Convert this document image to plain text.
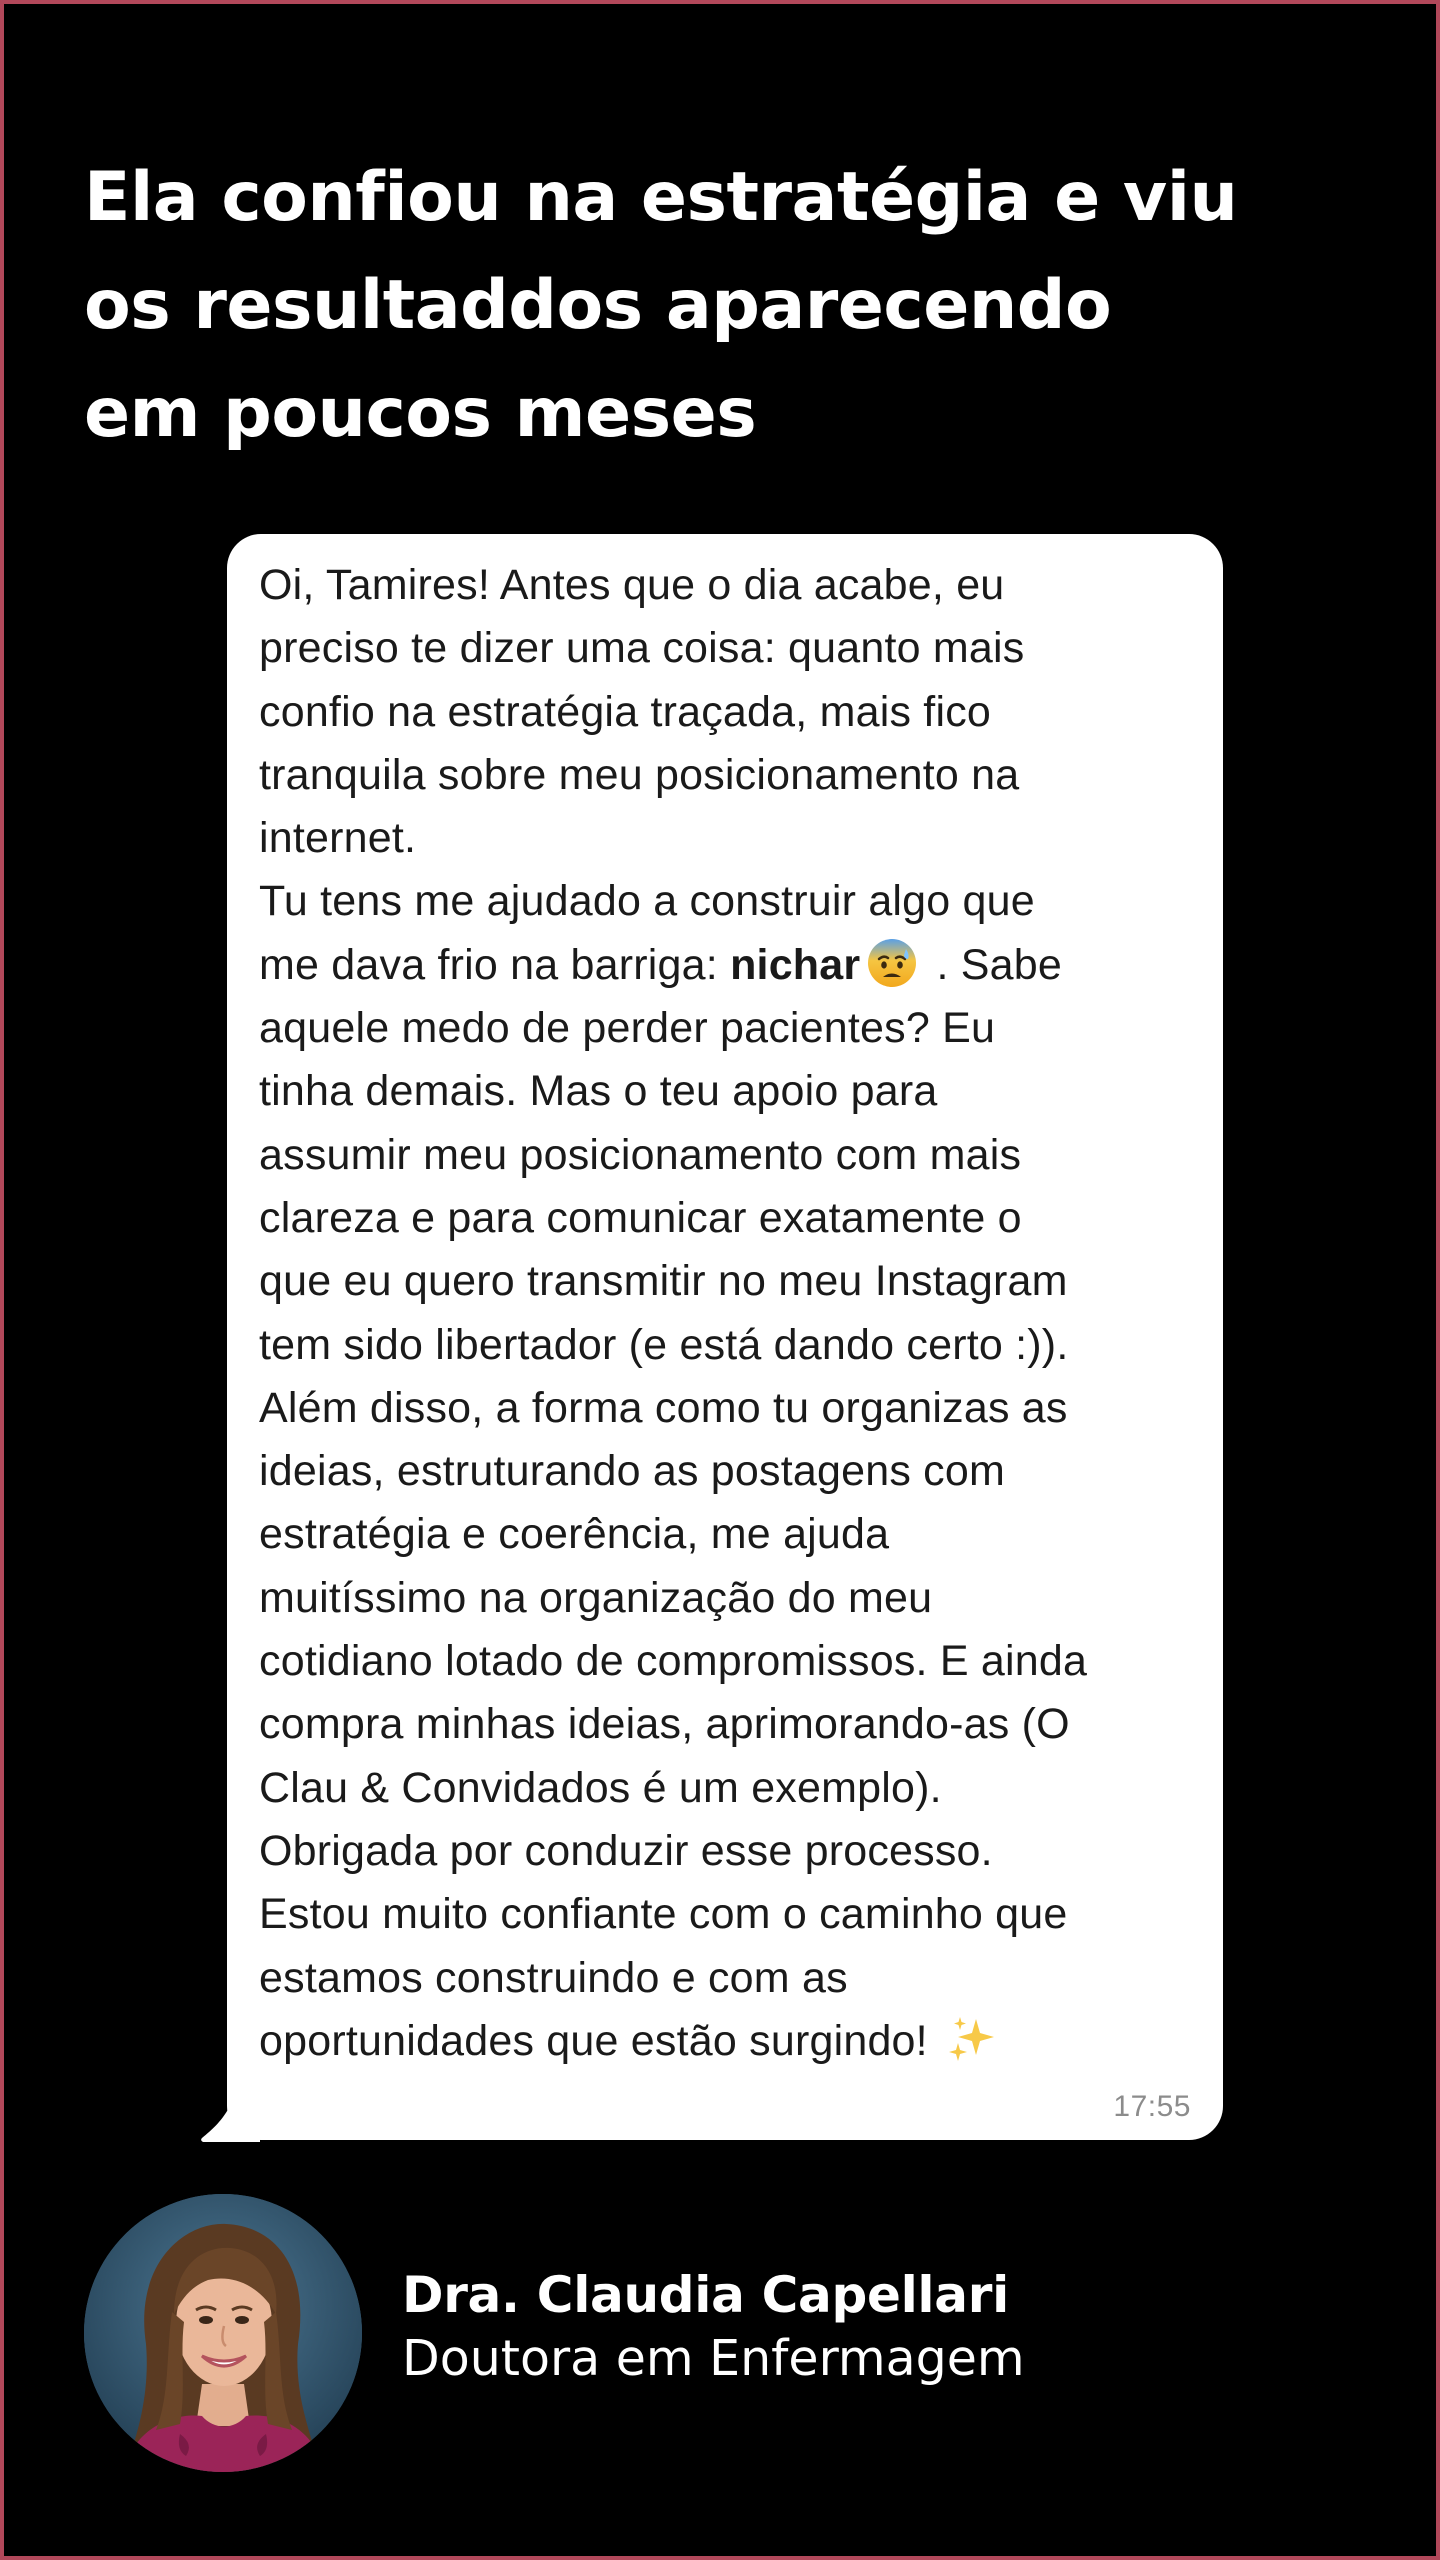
Ela confiou na estratégia e viu
os resultaddos aparecendo
em poucos meses
Oi, Tamires! Antes que o dia acabe, eu
preciso te dizer uma coisa: quanto mais
confio na estratégia traçada, mais fico
tranquila sobre meu posicionamento na
internet.
Tu tens me ajudado a construir algo que
me dava frio na barriga: nichar . Sabe
aquele medo de perder pacientes? Eu
tinha demais. Mas o teu apoio para
assumir meu posicionamento com mais
clareza e para comunicar exatamente o
que eu quero transmitir no meu Instagram
tem sido libertador (e está dando certo :)).
Além disso, a forma como tu organizas as
ideias, estruturando as postagens com
estratégia e coerência, me ajuda
muitíssimo na organização do meu
cotidiano lotado de compromissos. E ainda
compra minhas ideias, aprimorando-as (O
Clau & Convidados é um exemplo).
Obrigada por conduzir esse processo.
Estou muito confiante com o caminho que
estamos construindo e com as
oportunidades que estão surgindo!
17:55
Dra. Claudia Capellari
Doutora em Enfermagem
